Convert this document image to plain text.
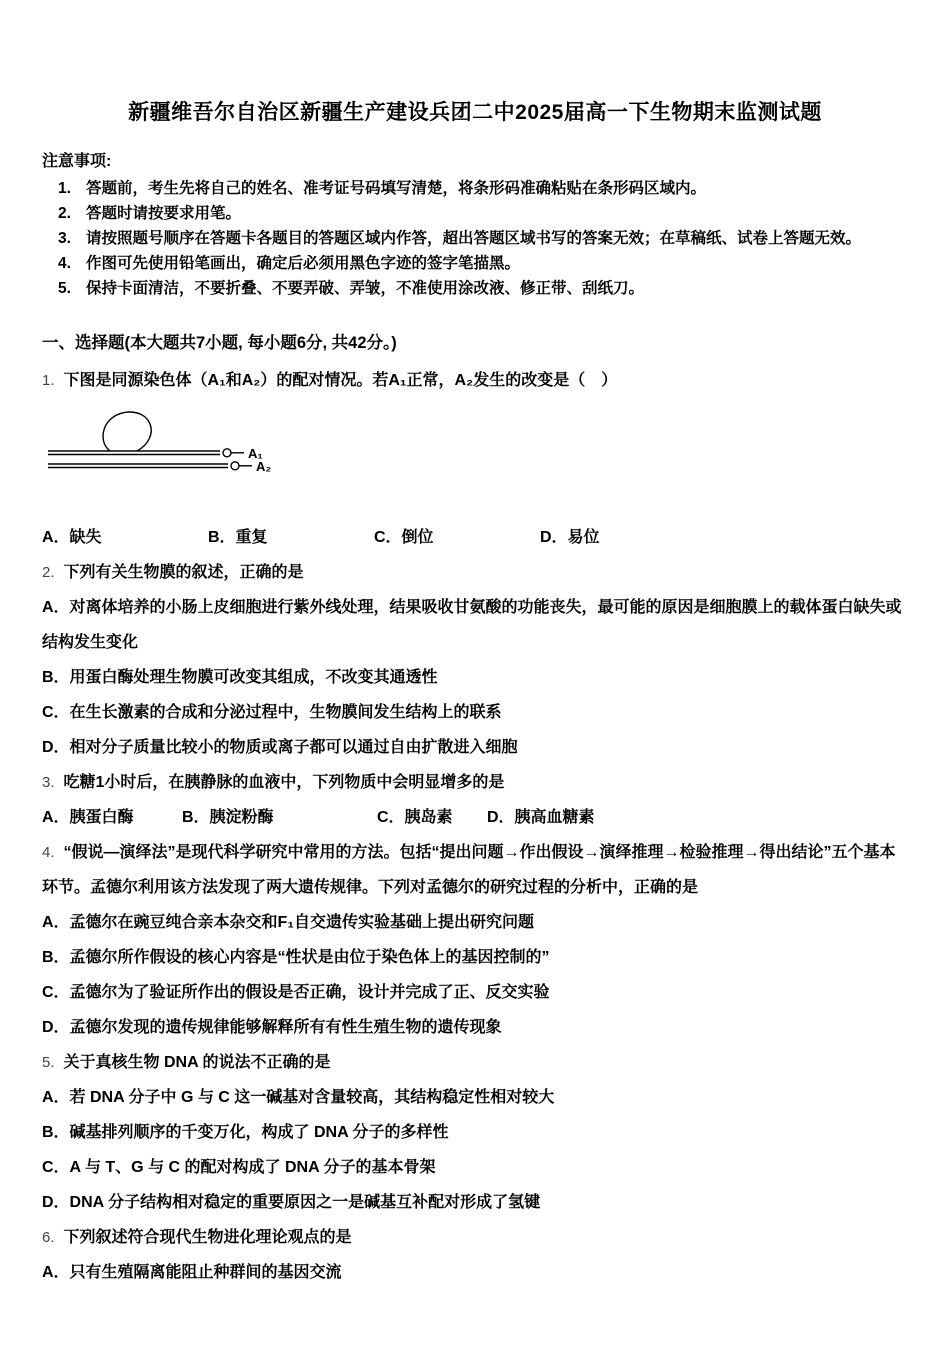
新疆维吾尔自治区新疆生产建设兵团二中2025届高一下生物期末监测试题

注意事项:

1. 答题前，考生先将自己的姓名、准考证号码填写清楚，将条形码准确粘贴在条形码区域内。
2. 答题时请按要求用笔。
3. 请按照题号顺序在答题卡各题目的答题区域内作答，超出答题区域书写的答案无效；在草稿纸、试卷上答题无效。
4. 作图可先使用铅笔画出，确定后必须用黑色字迹的签字笔描黑。
5. 保持卡面清洁，不要折叠、不要弄破、弄皱，不准使用涂改液、修正带、刮纸刀。

一、选择题(本大题共7小题, 每小题6分, 共42分。)

1. 下图是同源染色体（A₁和A₂）的配对情况。若A₁正常，A₂发生的改变是（　）

A₁
A₂
A．缺失	B．重复	C．倒位	D．易位

2. 下列有关生物膜的叙述，正确的是

A．对离体培养的小肠上皮细胞进行紫外线处理，结果吸收甘氨酸的功能丧失，最可能的原因是细胞膜上的载体蛋白缺失或结构发生变化
B．用蛋白酶处理生物膜可改变其组成，不改变其通透性
C．在生长激素的合成和分泌过程中，生物膜间发生结构上的联系
D．相对分子质量比较小的物质或离子都可以通过自由扩散进入细胞

3. 吃糖1小时后，在胰静脉的血液中，下列物质中会明显增多的是

A．胰蛋白酶	B．胰淀粉酶	C．胰岛素	D．胰高血糖素

4. “假说—演绎法”是现代科学研究中常用的方法。包括“提出问题→作出假设→演绎推理→检验推理→得出结论”五个基本环节。孟德尔利用该方法发现了两大遗传规律。下列对孟德尔的研究过程的分析中，正确的是

A．孟德尔在豌豆纯合亲本杂交和F₁自交遗传实验基础上提出研究问题
B．孟德尔所作假设的核心内容是“性状是由位于染色体上的基因控制的”
C．孟德尔为了验证所作出的假设是否正确，设计并完成了正、反交实验
D．孟德尔发现的遗传规律能够解释所有有性生殖生物的遗传现象

5. 关于真核生物 DNA 的说法不正确的是

A．若 DNA 分子中 G 与 C 这一碱基对含量较高，其结构稳定性相对较大
B．碱基排列顺序的千变万化，构成了 DNA 分子的多样性
C．A 与 T、G 与 C 的配对构成了 DNA 分子的基本骨架
D．DNA 分子结构相对稳定的重要原因之一是碱基互补配对形成了氢键

6. 下列叙述符合现代生物进化理论观点的是

A．只有生殖隔离能阻止种群间的基因交流
